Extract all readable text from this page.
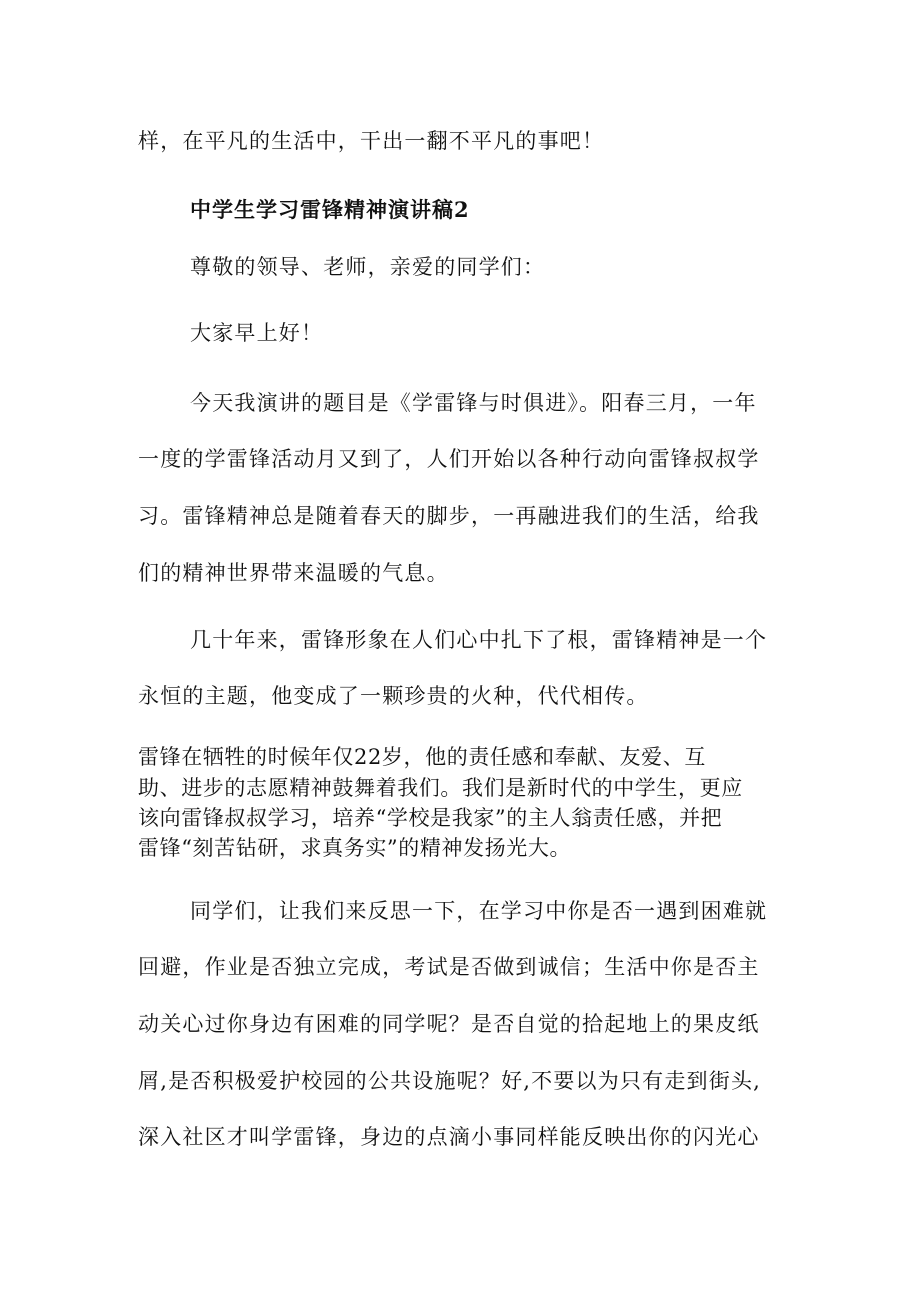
样，在平凡的生活中，干出一翻不平凡的事吧！
中学生学习雷锋精神演讲稿2
尊敬的领导、老师，亲爱的同学们：
大家早上好！
今天我演讲的题目是《学雷锋与时俱进》。阳春三月，一年
一度的学雷锋活动月又到了，人们开始以各种行动向雷锋叔叔学
习。雷锋精神总是随着春天的脚步，一再融进我们的生活，给我
们的精神世界带来温暖的气息。
几十年来，雷锋形象在人们心中扎下了根，雷锋精神是一个
永恒的主题，他变成了一颗珍贵的火种，代代相传。
雷锋在牺牲的时候年仅22岁，他的责任感和奉献、友爱、互
助、进步的志愿精神鼓舞着我们。我们是新时代的中学生，更应
该向雷锋叔叔学习，培养“学校是我家”的主人翁责任感，并把
雷锋“刻苦钻研，求真务实”的精神发扬光大。
同学们，让我们来反思一下，在学习中你是否一遇到困难就
回避，作业是否独立完成，考试是否做到诚信；生活中你是否主
动关心过你身边有困难的同学呢？是否自觉的拾起地上的果皮纸
屑,是否积极爱护校园的公共设施呢？好,不要以为只有走到街头,
深入社区才叫学雷锋，身边的点滴小事同样能反映出你的闪光心
